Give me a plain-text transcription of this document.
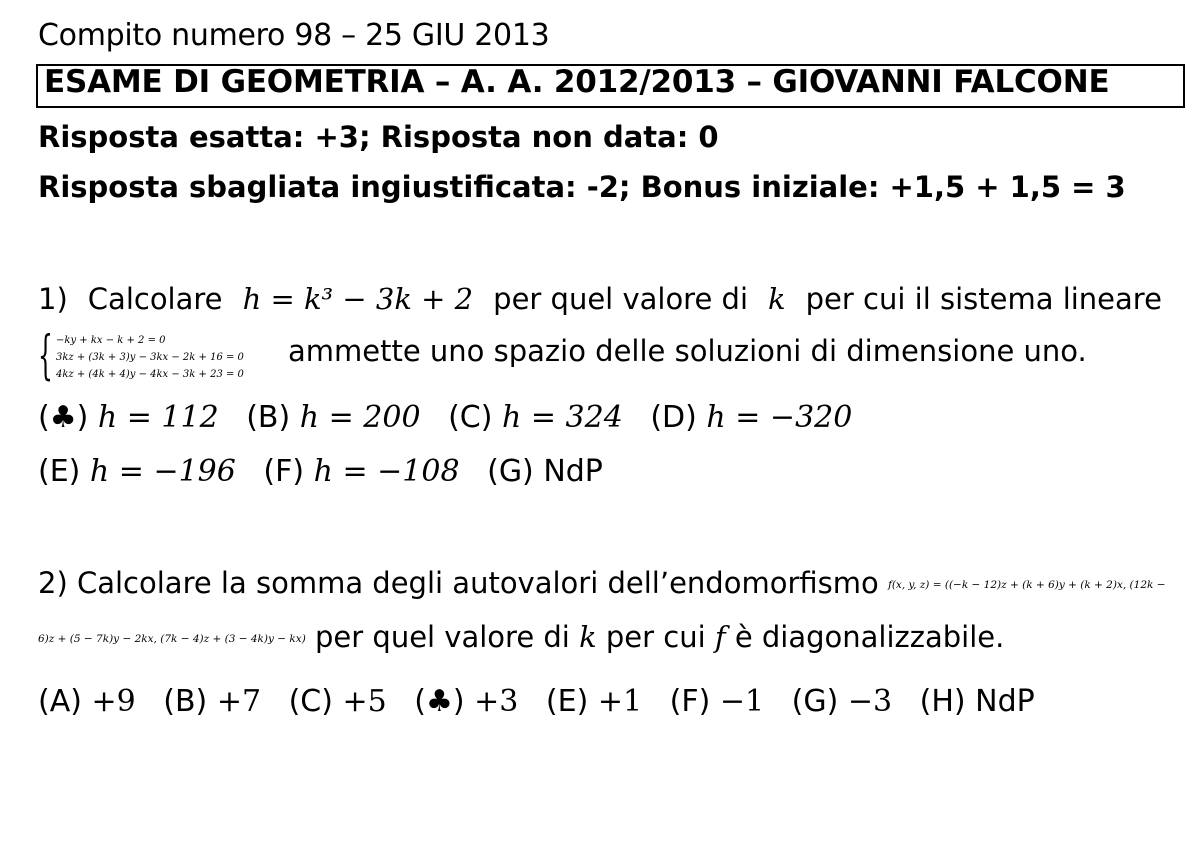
Compito numero 98 – 25 GIU 2013
ESAME DI GEOMETRIA – A. A. 2012/2013 – GIOVANNI FALCONE
Risposta esatta: +3; Risposta non data: 0
Risposta sbagliata ingiustificata: -2; Bonus iniziale: +1,5 + 1,5 = 3
1) Calcolare h = k³ − 3k + 2 per quel valore di k per cui il sistema lineare
{ −ky + kx − k + 2 = 0
3kz + (3k + 3)y − 3kx − 2k + 16 = 0
4kz + (4k + 4)y − 4kx − 3k + 23 = 0
ammette uno spazio delle soluzioni di dimensione uno.
(♣) h = 112 (B) h = 200 (C) h = 324 (D) h = −320
(E) h = −196 (F) h = −108 (G) NdP
2) Calcolare la somma degli autovalori dell’endomorfismo f(x, y, z) = ((−k − 12)z + (k + 6)y + (k + 2)x, (12k −
6)z + (5 − 7k)y − 2kx, (7k − 4)z + (3 − 4k)y − kx) per quel valore di k per cui f è diagonalizzabile.
(A) +9 (B) +7 (C) +5 (♣) +3 (E) +1 (F) −1 (G) −3 (H) NdP
